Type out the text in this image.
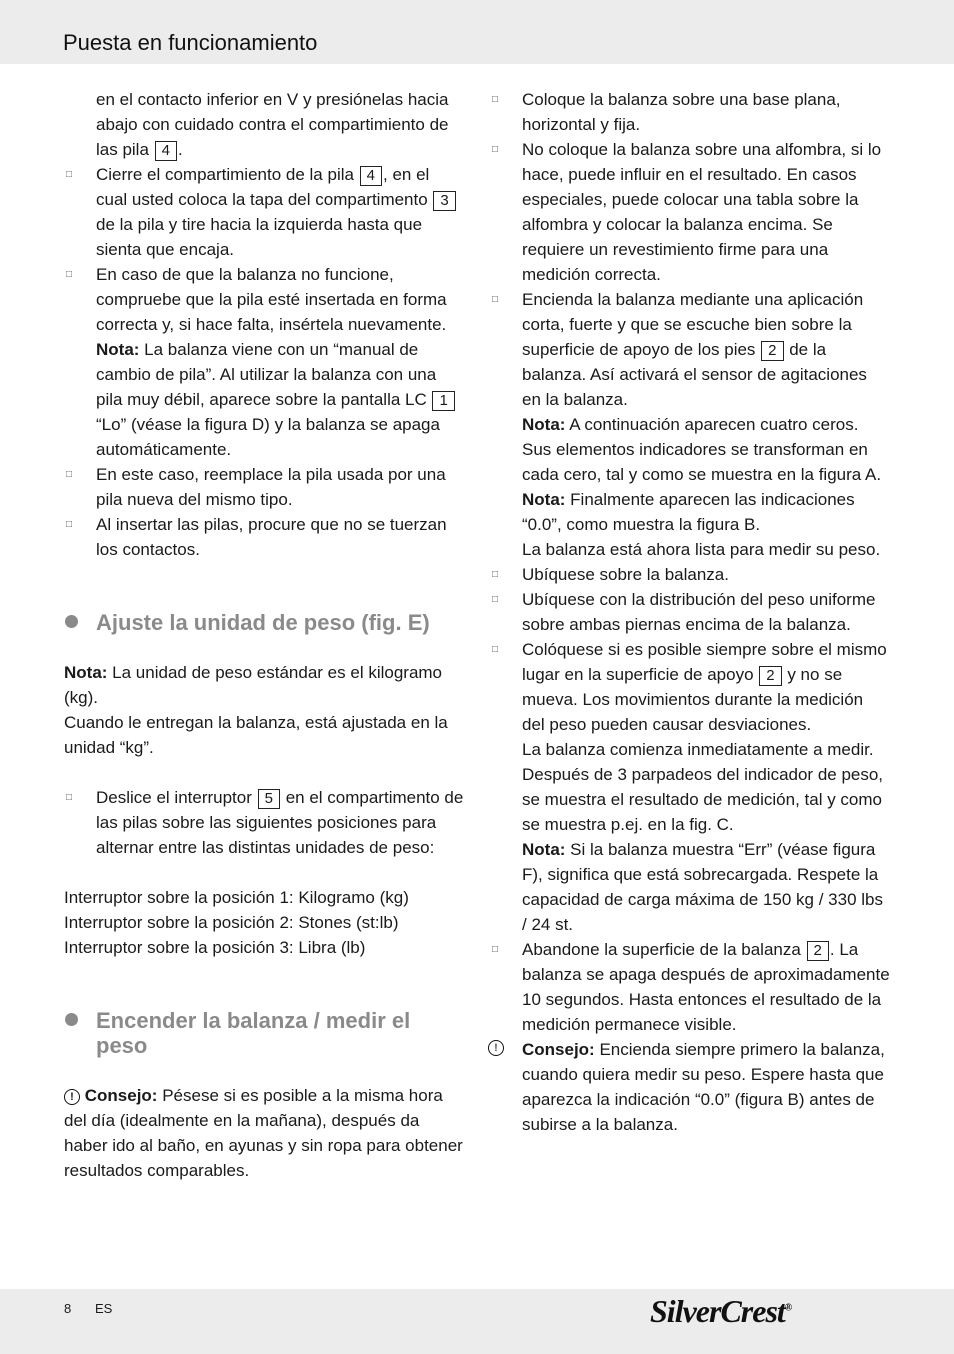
Puesta en funcionamiento
en el contacto inferior en V y presiónelas hacia abajo con cuidado contra el compartimiento de las pila 4 .
□ Cierre el compartimiento de la pila 4 , en el cual usted coloca la tapa del compartimento 3 de la pila y tire hacia la izquierda hasta que sienta que encaja.
□ En caso de que la balanza no funcione, compruebe que la pila esté insertada en forma correcta y, si hace falta, insértela nuevamente.
Nota: La balanza viene con un “manual de cambio de pila”. Al utilizar la balanza con una pila muy débil, aparece sobre la pantalla LC 1 “Lo” (véase la figura D) y la balanza se apaga automáticamente.
□ En este caso, reemplace la pila usada por una pila nueva del mismo tipo.
□ Al insertar las pilas, procure que no se tuerzan los contactos.
Ajuste la unidad de peso (fig. E)
Nota: La unidad de peso estándar es el kilogramo (kg).
Cuando le entregan la balanza, está ajustada en la unidad “kg”.
□ Deslice el interruptor 5 en el compartimento de las pilas sobre las siguientes posiciones para alternar entre las distintas unidades de peso:
Interruptor sobre la posición 1: Kilogramo (kg)
Interruptor sobre la posición 2: Stones (st:lb)
Interruptor sobre la posición 3: Libra (lb)
Encender la balanza / medir el peso
! Consejo: Pésese si es posible a la misma hora del día (idealmente en la mañana), después da haber ido al baño, en ayunas y sin ropa para obtener resultados comparables.
□ Coloque la balanza sobre una base plana, horizontal y fija.
□ No coloque la balanza sobre una alfombra, si lo hace, puede influir en el resultado. En casos especiales, puede colocar una tabla sobre la alfombra y colocar la balanza encima. Se requiere un revestimiento firme para una medición correcta.
□ Encienda la balanza mediante una aplicación corta, fuerte y que se escuche bien sobre la superficie de apoyo de los pies 2 de la balanza. Así activará el sensor de agitaciones en la balanza.
Nota: A continuación aparecen cuatro ceros. Sus elementos indicadores se transforman en cada cero, tal y como se muestra en la figura A.
Nota: Finalmente aparecen las indicaciones “0.0”, como muestra la figura B.
La balanza está ahora lista para medir su peso.
□ Ubíquese sobre la balanza.
□ Ubíquese con la distribución del peso uniforme sobre ambas piernas encima de la balanza.
□ Colóquese si es posible siempre sobre el mismo lugar en la superficie de apoyo 2 y no se mueva. Los movimientos durante la medición del peso pueden causar desviaciones.
La balanza comienza inmediatamente a medir. Después de 3 parpadeos del indicador de peso, se muestra el resultado de medición, tal y como se muestra p.ej. en la fig. C.
Nota: Si la balanza muestra “Err” (véase figura F), significa que está sobrecargada. Respete la capacidad de carga máxima de 150 kg / 330 lbs / 24 st.
□ Abandone la superficie de la balanza 2 . La balanza se apaga después de aproximadamente 10 segundos. Hasta entonces el resultado de la medición permanece visible.
!	Consejo: Encienda siempre primero la balanza, cuando quiera medir su peso. Espere hasta que aparezca la indicación “0.0” (figura B) antes de subirse a la balanza.
8 ES	SilverCrest®
